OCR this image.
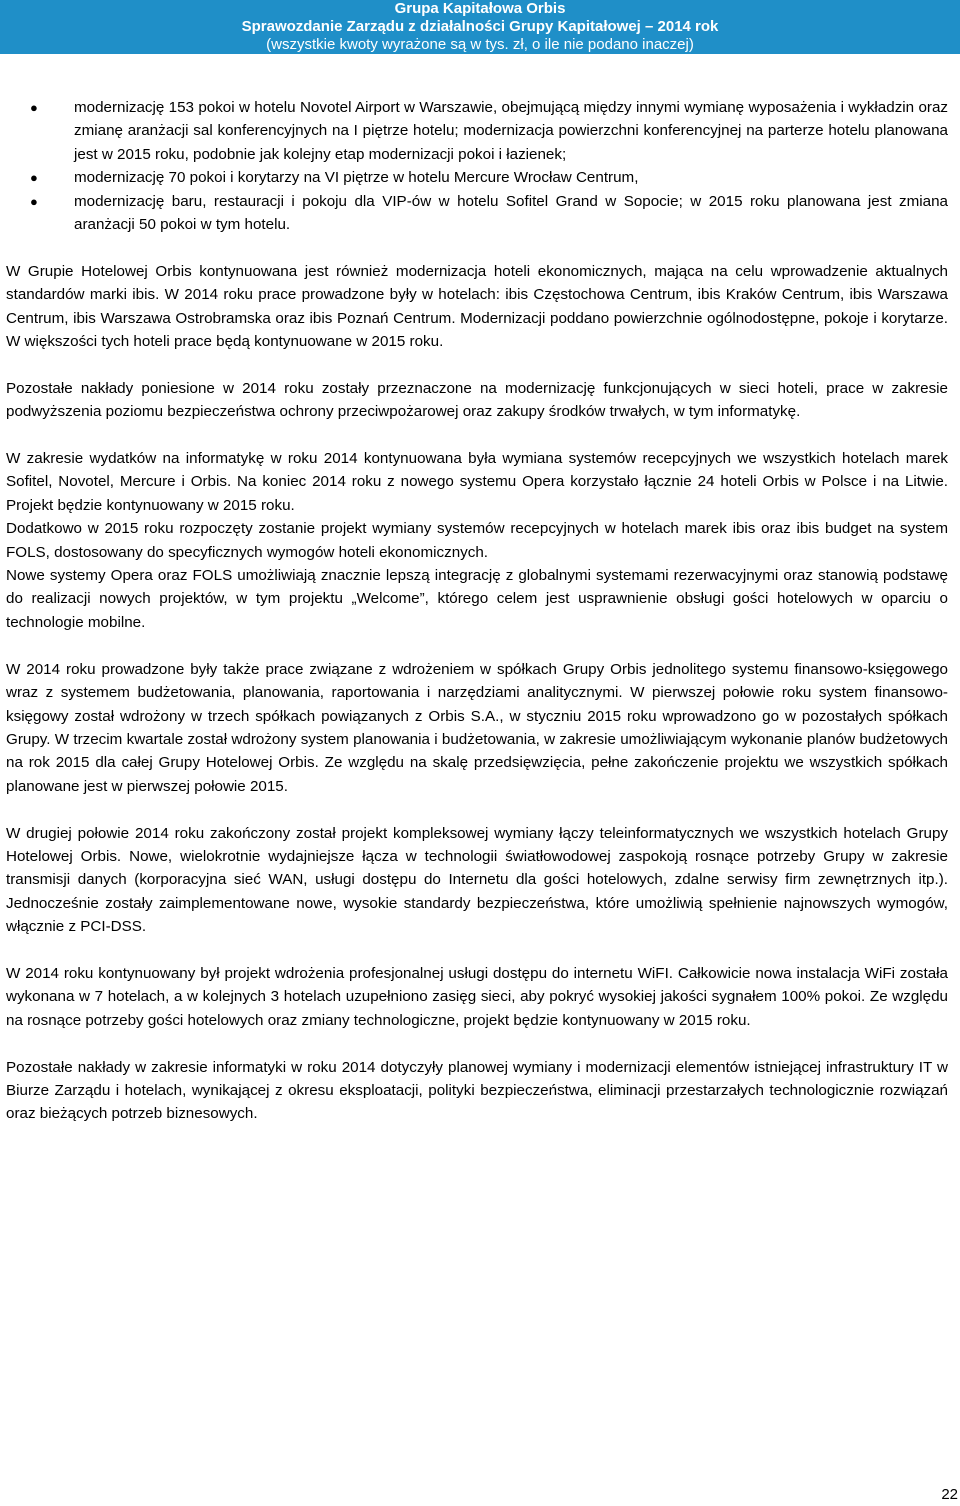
Grupa Kapitałowa Orbis
Sprawozdanie Zarządu z działalności Grupy Kapitałowej – 2014 rok
(wszystkie kwoty wyrażone są w tys. zł, o ile nie podano inaczej)
● modernizację 153 pokoi w hotelu Novotel Airport w Warszawie, obejmującą między innymi wymianę wyposażenia i wykładzin oraz zmianę aranżacji sal konferencyjnych na I piętrze hotelu; modernizacja powierzchni konferencyjnej na parterze hotelu planowana jest w 2015 roku, podobnie jak kolejny etap modernizacji pokoi i łazienek;
● modernizację 70 pokoi i korytarzy na VI piętrze w hotelu Mercure Wrocław Centrum,
● modernizację baru, restauracji i pokoju dla VIP-ów w hotelu Sofitel Grand w Sopocie; w 2015 roku planowana jest zmiana aranżacji 50 pokoi w tym hotelu.

W Grupie Hotelowej Orbis kontynuowana jest również modernizacja hoteli ekonomicznych, mająca na celu wprowadzenie aktualnych standardów marki ibis. W 2014 roku prace prowadzone były w hotelach: ibis Częstochowa Centrum, ibis Kraków Centrum, ibis Warszawa Centrum, ibis Warszawa Ostrobramska oraz ibis Poznań Centrum. Modernizacji poddano powierzchnie ogólnodostępne, pokoje i korytarze. W większości tych hoteli prace będą kontynuowane w 2015 roku.

Pozostałe nakłady poniesione w 2014 roku zostały przeznaczone na modernizację funkcjonujących w sieci hoteli, prace w zakresie podwyższenia poziomu bezpieczeństwa ochrony przeciwpożarowej oraz zakupy środków trwałych, w tym informatykę.

W zakresie wydatków na informatykę w roku 2014 kontynuowana była wymiana systemów recepcyjnych we wszystkich hotelach marek Sofitel, Novotel, Mercure i Orbis. Na koniec 2014 roku z nowego systemu Opera korzystało łącznie 24 hoteli Orbis w Polsce i na Litwie. Projekt będzie kontynuowany w 2015 roku.

Dodatkowo w 2015 roku rozpoczęty zostanie projekt wymiany systemów recepcyjnych w hotelach marek ibis oraz ibis budget na system FOLS, dostosowany do specyficznych wymogów hoteli ekonomicznych.

Nowe systemy Opera oraz FOLS umożliwiają znacznie lepszą integrację z globalnymi systemami rezerwacyjnymi oraz stanowią podstawę do realizacji nowych projektów, w tym projektu „Welcome”, którego celem jest usprawnienie obsługi gości hotelowych w oparciu o technologie mobilne.

W 2014 roku prowadzone były także prace związane z wdrożeniem w spółkach Grupy Orbis jednolitego systemu finansowo-księgowego wraz z systemem budżetowania, planowania, raportowania i narzędziami analitycznymi. W pierwszej połowie roku system finansowo-księgowy został wdrożony w trzech spółkach powiązanych z Orbis S.A., w styczniu 2015 roku wprowadzono go w pozostałych spółkach Grupy. W trzecim kwartale został wdrożony system planowania i budżetowania, w zakresie umożliwiającym wykonanie planów budżetowych na rok 2015 dla całej Grupy Hotelowej Orbis. Ze względu na skalę przedsięwzięcia, pełne zakończenie projektu we wszystkich spółkach planowane jest w pierwszej połowie 2015.

W drugiej połowie 2014 roku zakończony został projekt kompleksowej wymiany łączy teleinformatycznych we wszystkich hotelach Grupy Hotelowej Orbis. Nowe, wielokrotnie wydajniejsze łącza w technologii światłowodowej zaspokoją rosnące potrzeby Grupy w zakresie transmisji danych (korporacyjna sieć WAN, usługi dostępu do Internetu dla gości hotelowych, zdalne serwisy firm zewnętrznych itp.). Jednocześnie zostały zaimplementowane nowe, wysokie standardy bezpieczeństwa, które umożliwią spełnienie najnowszych wymogów, włącznie z PCI-DSS.

W 2014 roku kontynuowany był projekt wdrożenia profesjonalnej usługi dostępu do internetu WiFI. Całkowicie nowa instalacja WiFi została wykonana w 7 hotelach, a w kolejnych 3 hotelach uzupełniono zasięg sieci, aby pokryć wysokiej jakości sygnałem 100% pokoi. Ze względu na rosnące potrzeby gości hotelowych oraz zmiany technologiczne, projekt będzie kontynuowany w 2015 roku.

Pozostałe nakłady w zakresie informatyki w roku 2014 dotyczyły planowej wymiany i modernizacji elementów istniejącej infrastruktury IT w Biurze Zarządu i hotelach, wynikającej z okresu eksploatacji, polityki bezpieczeństwa, eliminacji przestarzałych technologicznie rozwiązań oraz bieżących potrzeb biznesowych.

22
